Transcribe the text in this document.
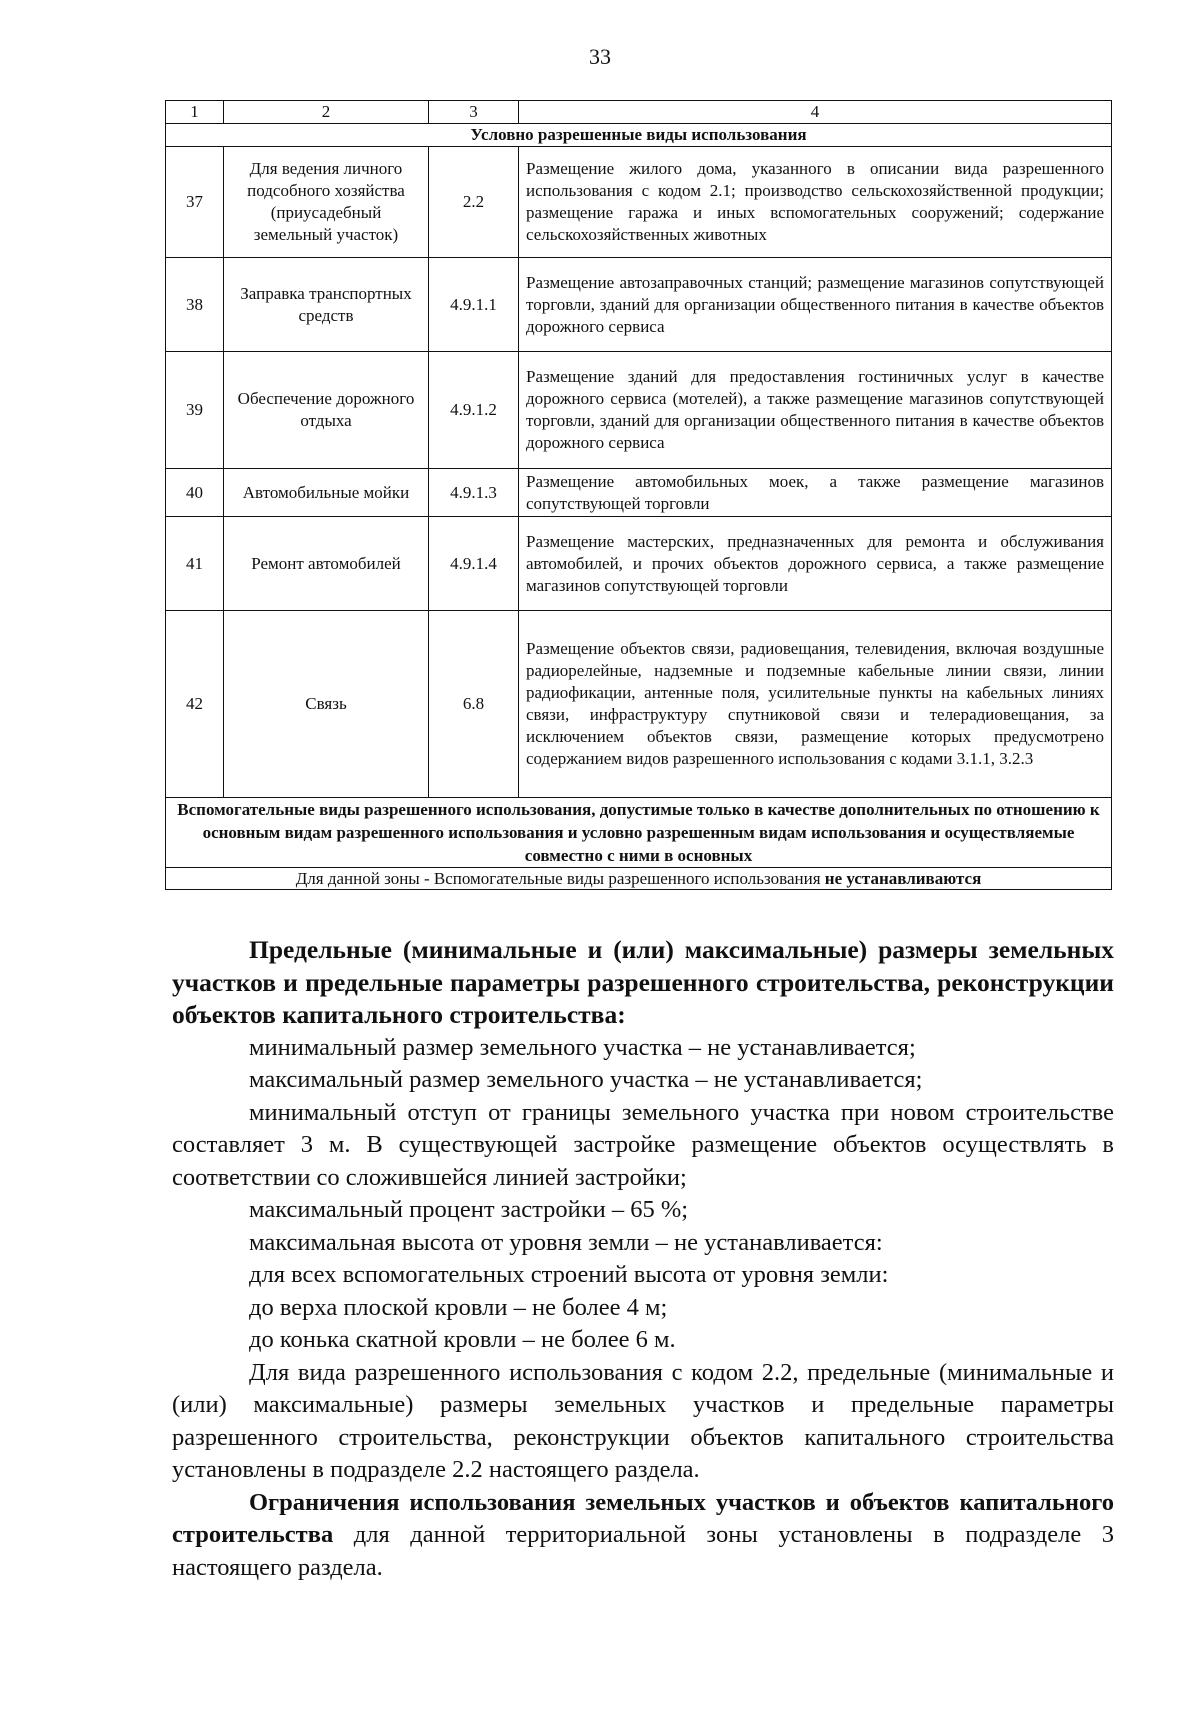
33
1	2	3	4
Условно разрешенные виды использования			
37	Для ведения личного подсобного хозяйства (приусадебный земельный участок)	2.2	Размещение жилого дома, указанного в описании вида разрешенного использования с кодом 2.1; производство сельскохозяйственной продукции; размещение гаража и иных вспомогательных сооружений; содержание сельскохозяйственных животных
38	Заправка транспортных средств	4.9.1.1	Размещение автозаправочных станций; размещение магазинов сопутствующей торговли, зданий для организации общественного питания в качестве объектов дорожного сервиса
39	Обеспечение дорожного отдыха	4.9.1.2	Размещение зданий для предоставления гостиничных услуг в качестве дорожного сервиса (мотелей), а также размещение магазинов сопутствующей торговли, зданий для организации общественного питания в качестве объектов дорожного сервиса
40	Автомобильные мойки	4.9.1.3	Размещение автомобильных моек, а также размещение магазинов сопутствующей торговли
41	Ремонт автомобилей	4.9.1.4	Размещение мастерских, предназначенных для ремонта и обслуживания автомобилей, и прочих объектов дорожного сервиса, а также размещение магазинов сопутствующей торговли
42	Связь	6.8	Размещение объектов связи, радиовещания, телевидения, включая воздушные радиорелейные, надземные и подземные кабельные линии связи, линии радиофикации, антенные поля, усилительные пункты на кабельных линиях связи, инфраструктуру спутниковой связи и телерадиовещания, за исключением объектов связи, размещение которых предусмотрено содержанием видов разрешенного использования с кодами 3.1.1, 3.2.3
Вспомогательные виды разрешенного использования, допустимые только в качестве дополнительных по отношению к основным видам разрешенного использования и условно разрешенным видам использования и осуществляемые совместно с ними в основных			
Для данной зоны - Вспомогательные виды разрешенного использования не устанавливаются			

Предельные (минимальные и (или) максимальные) размеры земельных участков и предельные параметры разрешенного строительства, реконструкции объектов капитального строительства:

минимальный размер земельного участка – не устанавливается;

максимальный размер земельного участка – не устанавливается;

минимальный отступ от границы земельного участка при новом строительстве составляет 3 м. В существующей застройке размещение объектов осуществлять в соответствии со сложившейся линией застройки;

максимальный процент застройки – 65 %;

максимальная высота от уровня земли – не устанавливается:

для всех вспомогательных строений высота от уровня земли:

до верха плоской кровли – не более 4 м;

до конька скатной кровли – не более 6 м.

Для вида разрешенного использования с кодом 2.2, предельные (минимальные и (или) максимальные) размеры земельных участков и предельные параметры разрешенного строительства, реконструкции объектов капитального строительства установлены в подразделе 2.2 настоящего раздела.

Ограничения использования земельных участков и объектов капитального строительства для данной территориальной зоны установлены в подразделе 3 настоящего раздела.
